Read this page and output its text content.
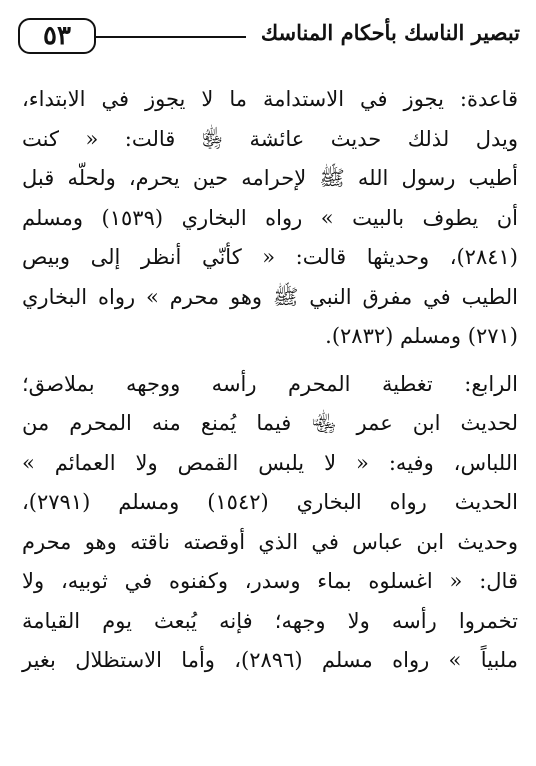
٥٣	تبصير الناسك بأحكام المناسك
قاعدة: يجوز في الاستدامة ما لا يجوز في الابتداء،
ويدل لذلك حديث عائشة ﵂ قالت: « كنت
أطيب رسول الله ﷺ لإحرامه حين يحرم، ولحلّه قبل
أن يطوف بالبيت » رواه البخاري (١٥٣٩) ومسلم
(٢٨٤١)، وحديثها قالت: « كأنّي أنظر إلى وبيص
الطيب في مفرق النبي ﷺ وهو محرم » رواه البخاري
(٢٧١) ومسلم (٢٨٣٢).
الرابع: تغطية المحرم رأسه ووجهه بملاصق؛
لحديث ابن عمر ﵄ فيما يُمنع منه المحرم من
اللباس، وفيه: « لا يلبس القمص ولا العمائم »
الحديث رواه البخاري (١٥٤٢) ومسلم (٢٧٩١)،
وحديث ابن عباس في الذي أوقصته ناقته وهو محرم
قال: « اغسلوه بماء وسدر، وكفنوه في ثوبيه، ولا
تخمروا رأسه ولا وجهه؛ فإنه يُبعث يوم القيامة
ملبياً » رواه مسلم (٢٨٩٦)، وأما الاستظلال بغير
